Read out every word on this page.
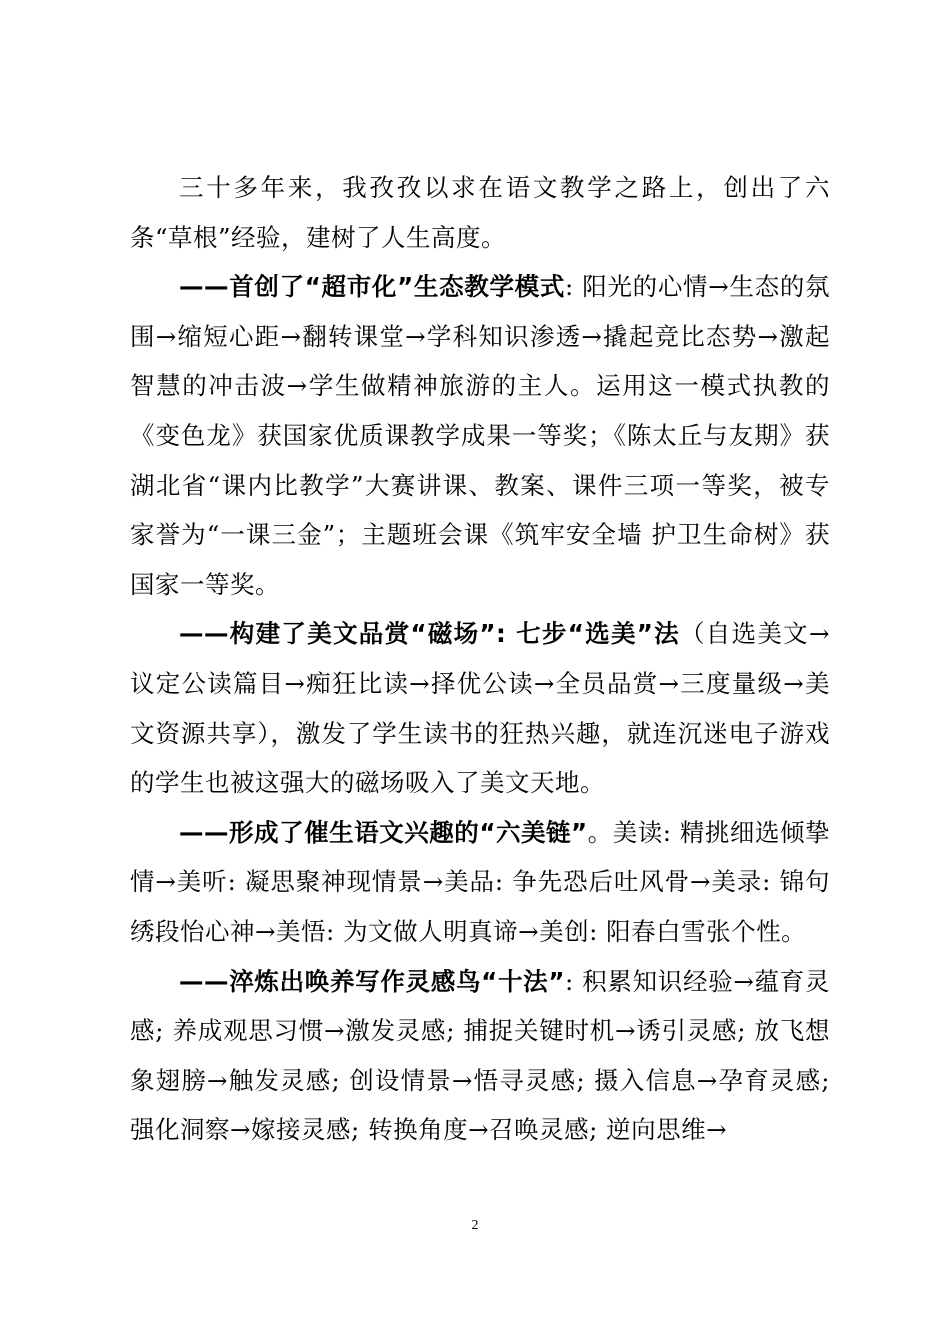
三十多年来，我孜孜以求在语文教学之路上，创出了六条“草根”经验，建树了人生高度。

——首创了“超市化”生态教学模式: 阳光的心情→生态的氛围→缩短心距→翻转课堂→学科知识渗透→撬起竞比态势→激起智慧的冲击波→学生做精神旅游的主人。运用这一模式执教的《变色龙》获国家优质课教学成果一等奖；《陈太丘与友期》获湖北省“课内比教学”大赛讲课、教案、课件三项一等奖，被专家誉为“一课三金”；主题班会课《筑牢安全墙 护卫生命树》获国家一等奖。

——构建了美文品赏“磁场”: 七步“选美”法（自选美文→议定公读篇目→痴狂比读→择优公读→全员品赏→三度量级→美文资源共享），激发了学生读书的狂热兴趣，就连沉迷电子游戏的学生也被这强大的磁场吸入了美文天地。

——形成了催生语文兴趣的“六美链”。美读: 精挑细选倾挚情→美听: 凝思聚神现情景→美品: 争先恐后吐风骨→美录: 锦句绣段怡心神→美悟: 为文做人明真谛→美创: 阳春白雪张个性。

——淬炼出唤养写作灵感鸟“十法”: 积累知识经验→蕴育灵感; 养成观思习惯→激发灵感; 捕捉关键时机→诱引灵感; 放飞想象翅膀→触发灵感; 创设情景→悟寻灵感; 摄入信息→孕育灵感; 强化洞察→嫁接灵感; 转换角度→召唤灵感; 逆向思维→

2
